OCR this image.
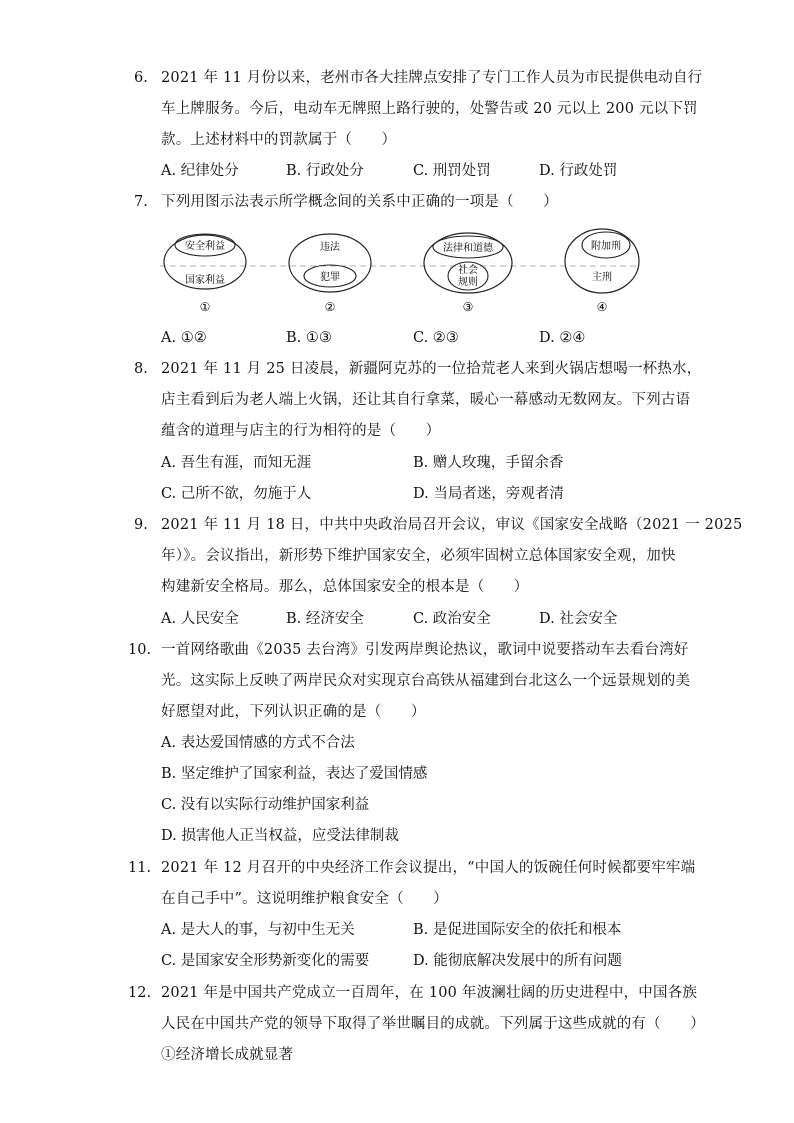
6. 2021 年 11 月份以来，老州市各大挂牌点安排了专门工作人员为市民提供电动自行
车上牌服务。今后，电动车无牌照上路行驶的，处警告或 20 元以上 200 元以下罚
款。上述材料中的罚款属于（　　）
A. 纪律处分	B. 行政处分	C. 刑罚处罚	D. 行政处罚
7. 下列用图示法表示所学概念间的关系中正确的一项是（　　）
安全利益
国家利益
①
违法
犯罪
②
法律和道德
社会
规则
③
附加刑
主刑
④
A. ①②	B. ①③	C. ②③	D. ②④
8. 2021 年 11 月 25 日凌晨，新疆阿克苏的一位拾荒老人来到火锅店想喝一杯热水，
店主看到后为老人端上火锅，还让其自行拿菜，暖心一幕感动无数网友。下列古语
蕴含的道理与店主的行为相符的是（　　）
A. 吾生有涯，而知无涯	B. 赠人玫瑰，手留余香
C. 己所不欲，勿施于人	D. 当局者迷，旁观者清
9. 2021 年 11 月 18 日，中共中央政治局召开会议，审议《国家安全战略（2021 一 2025
年）》。会议指出，新形势下维护国家安全，必须牢固树立总体国家安全观，加快
构建新安全格局。那么，总体国家安全的根本是（　　）
A. 人民安全	B. 经济安全	C. 政治安全	D. 社会安全
10. 一首网络歌曲《2035 去台湾》引发两岸舆论热议，歌词中说要搭动车去看台湾好
光。这实际上反映了两岸民众对实现京台高铁从福建到台北这么一个远景规划的美
好愿望对此，下列认识正确的是（　　）
A. 表达爱国情感的方式不合法
B. 坚定维护了国家利益，表达了爱国情感
C. 没有以实际行动维护国家利益
D. 损害他人正当权益，应受法律制裁
11. 2021 年 12 月召开的中央经济工作会议提出，“中国人的饭碗任何时候都要牢牢端
在自己手中”。这说明维护粮食安全（　　）
A. 是大人的事，与初中生无关	B. 是促进国际安全的依托和根本
C. 是国家安全形势新变化的需要	D. 能彻底解决发展中的所有问题
12. 2021 年是中国共产党成立一百周年，在 100 年波澜壮阔的历史进程中，中国各族
人民在中国共产党的领导下取得了举世瞩目的成就。下列属于这些成就的有（　　）
①经济增长成就显著
